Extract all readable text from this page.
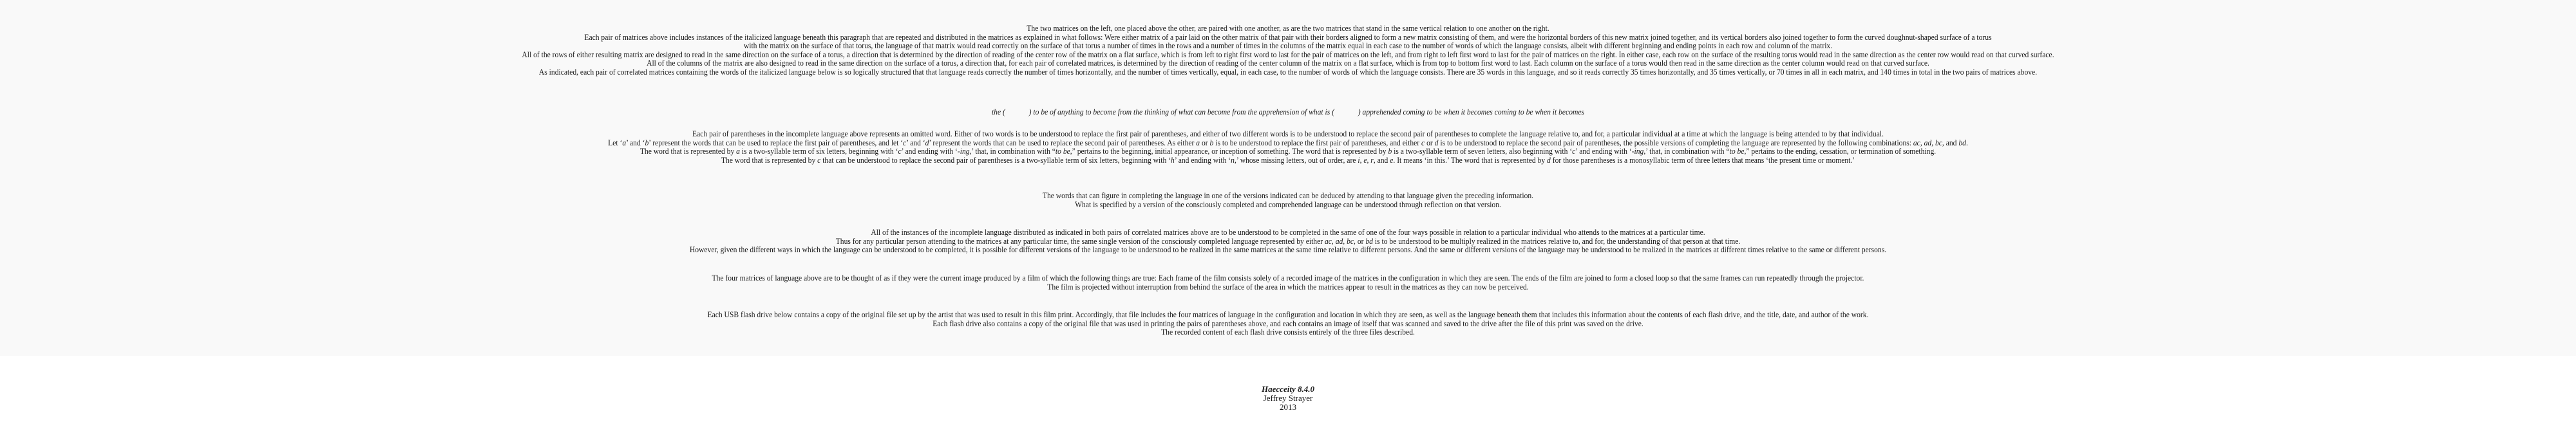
The two matrices on the left, one placed above the other, are paired with one another, as are the two matrices that stand in the same vertical relation to one another on the right.
Each pair of matrices above includes instances of the italicized language beneath this paragraph that are repeated and distributed in the matrices as explained in what follows: Were either matrix of a pair laid on the other matrix of that pair with their borders aligned to form a new matrix consisting of them, and were the horizontal borders of this new matrix joined together, and its vertical borders also joined together to form the curved doughnut-shaped surface of a torus
with the matrix on the surface of that torus, the language of that matrix would read correctly on the surface of that torus a number of times in the rows and a number of times in the columns of the matrix equal in each case to the number of words of which the language consists, albeit with different beginning and ending points in each row and column of the matrix.
All of the rows of either resulting matrix are designed to read in the same direction on the surface of a torus, a direction that is determined by the direction of reading of the center row of the matrix on a flat surface, which is from left to right first word to last for the pair of matrices on the left, and from right to left first word to last for the pair of matrices on the right. In either case, each row on the surface of the resulting torus would read in the same direction as the center row would read on that curved surface.
All of the columns of the matrix are also designed to read in the same direction on the surface of a torus, a direction that, for each pair of correlated matrices, is determined by the direction of reading of the center column of the matrix on a flat surface, which is from top to bottom first word to last. Each column on the surface of a torus would then read in the same direction as the center column would read on that curved surface.
As indicated, each pair of correlated matrices containing the words of the italicized language below is so logically structured that that language reads correctly the number of times horizontally, and the number of times vertically, equal, in each case, to the number of words of which the language consists. There are 35 words in this language, and so it reads correctly 35 times horizontally, and 35 times vertically, or 70 times in all in each matrix, and 140 times in total in the two pairs of matrices above.
the (	) to be of anything to become from the thinking of what can become from the apprehension of what is (	) apprehended coming to be when it becomes coming to be when it becomes
Each pair of parentheses in the incomplete language above represents an omitted word. Either of two words is to be understood to replace the first pair of parentheses, and either of two different words is to be understood to replace the second pair of parentheses to complete the language relative to, and for, a particular individual at a time at which the language is being attended to by that individual.
Let ‘a’ and ‘b’ represent the words that can be used to replace the first pair of parentheses, and let ‘c’ and ‘d’ represent the words that can be used to replace the second pair of parentheses. As either a or b is to be understood to replace the first pair of parentheses, and either c or d is to be understood to replace the second pair of parentheses, the possible versions of completing the language are represented by the following combinations: ac, ad, bc, and bd.
The word that is represented by a is a two-syllable term of six letters, beginning with ‘c’ and ending with ‘-ing,’ that, in combination with “to be,” pertains to the beginning, initial appearance, or inception of something. The word that is represented by b is a two-syllable term of seven letters, also beginning with ‘c’ and ending with ‘-ing,’ that, in combination with “to be,” pertains to the ending, cessation, or termination of something.
The word that is represented by c that can be understood to replace the second pair of parentheses is a two-syllable term of six letters, beginning with ‘h’ and ending with ‘n,’ whose missing letters, out of order, are i, e, r, and e. It means ‘in this.’ The word that is represented by d for those parentheses is a monosyllabic term of three letters that means ‘the present time or moment.’
The words that can figure in completing the language in one of the versions indicated can be deduced by attending to that language given the preceding information.
What is specified by a version of the consciously completed and comprehended language can be understood through reflection on that version.
All of the instances of the incomplete language distributed as indicated in both pairs of correlated matrices above are to be understood to be completed in the same of one of the four ways possible in relation to a particular individual who attends to the matrices at a particular time.
Thus for any particular person attending to the matrices at any particular time, the same single version of the consciously completed language represented by either ac, ad, bc, or bd is to be understood to be multiply realized in the matrices relative to, and for, the understanding of that person at that time.
However, given the different ways in which the language can be understood to be completed, it is possible for different versions of the language to be understood to be realized in the same matrices at the same time relative to different persons. And the same or different versions of the language may be understood to be realized in the matrices at different times relative to the same or different persons.
The four matrices of language above are to be thought of as if they were the current image produced by a film of which the following things are true: Each frame of the film consists solely of a recorded image of the matrices in the configuration in which they are seen. The ends of the film are joined to form a closed loop so that the same frames can run repeatedly through the projector.
The film is projected without interruption from behind the surface of the area in which the matrices appear to result in the matrices as they can now be perceived.
Each USB flash drive below contains a copy of the original file set up by the artist that was used to result in this film print. Accordingly, that file includes the four matrices of language in the configuration and location in which they are seen, as well as the language beneath them that includes this information about the contents of each flash drive, and the title, date, and author of the work.
Each flash drive also contains a copy of the original file that was used in printing the pairs of parentheses above, and each contains an image of itself that was scanned and saved to the drive after the file of this print was saved on the drive.
The recorded content of each flash drive consists entirely of the three files described.
Haecceity 8.4.0
Jeffrey Strayer
2013
